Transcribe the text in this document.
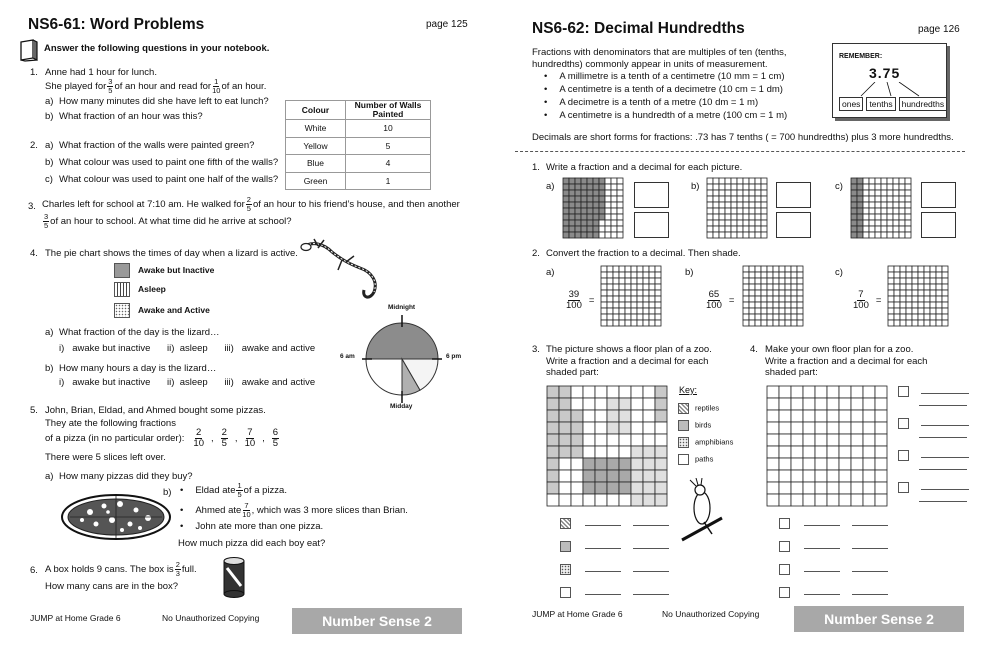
NS6-61: Word Problems	page 125
Answer the following questions in your notebook.
1. Anne had 1 hour for lunch.
She played for $\frac{3}{5}$ of an hour and read for $\frac{1}{10}$ of an hour.
a) How many minutes did she have left to eat lunch?
b) What fraction of an hour was this?
Colour	Number of Walls Painted
White	10
Yellow	5
Blue	4
Green	1
2. a) What fraction of the walls were painted green?
b) What colour was used to paint one fifth of the walls?
c) What colour was used to paint one half of the walls?
3. Charles left for school at 7:10 am. He walked for $\frac{2}{5}$ of an hour to his friend’s house, and then another
$\frac{3}{5}$ of an hour to school. At what time did he arrive at school?
4. The pie chart shows the times of day when a lizard is active.
Awake but Inactive
Asleep
Awake and Active	Midnight
6 am	6 pm
Midday
a) What fraction of the day is the lizard…
i) awake but inactive ii) asleep iii) awake and active
b) How many hours a day is the lizard…
i) awake but inactive ii) asleep iii) awake and active
5. John, Brian, Eldad, and Ahmed bought some pizzas.
They ate the following fractions
of a pizza (in no particular order): $\frac{2}{10}$ , $\frac{2}{5}$ , $\frac{7}{10}$ , $\frac{6}{5}$
There were 5 slices left over.
a) How many pizzas did they buy?
b) • Eldad ate $\frac{1}{5}$ of a pizza.
• Ahmed ate $\frac{7}{10}$ , which was 3 more slices than Brian.
• John ate more than one pizza.
How much pizza did each boy eat?
6. A box holds 9 cans. The box is $\frac{2}{3}$ full.
How many cans are in the box?
JUMP at Home Grade 6	No Unauthorized Copying	Number Sense 2
NS6-62: Decimal Hundredths	page 126
Fractions with denominators that are multiples of ten (tenths,
hundredths) commonly appear in units of measurement.
• A millimetre is a tenth of a centimetre (10 mm = 1 cm)
• A centimetre is a tenth of a decimetre (10 cm = 1 dm)
• A decimetre is a tenth of a metre (10 dm = 1 m)
• A centimetre is a hundredth of a metre (100 cm = 1 m)
REMEMBER:
3.75
ones	tenths	hundredths
Decimals are short forms for fractions: .73 has 7 tenths ( = 700 hundredths) plus 3 more hundredths.
1. Write a fraction and a decimal for each picture.
a)	b)	c)
2. Convert the fraction to a decimal. Then shade.
a)	b)	c)
$\frac{39}{100}$ =	$\frac{65}{100}$ =	$\frac{7}{100}$ =
3. The picture shows a floor plan of a zoo.
Write a fraction and a decimal for each
shaded part:
Key:
reptiles
birds
amphibians
paths
4. Make your own floor plan for a zoo.
Write a fraction and a decimal for each
shaded part:
JUMP at Home Grade 6	No Unauthorized Copying	Number Sense 2
